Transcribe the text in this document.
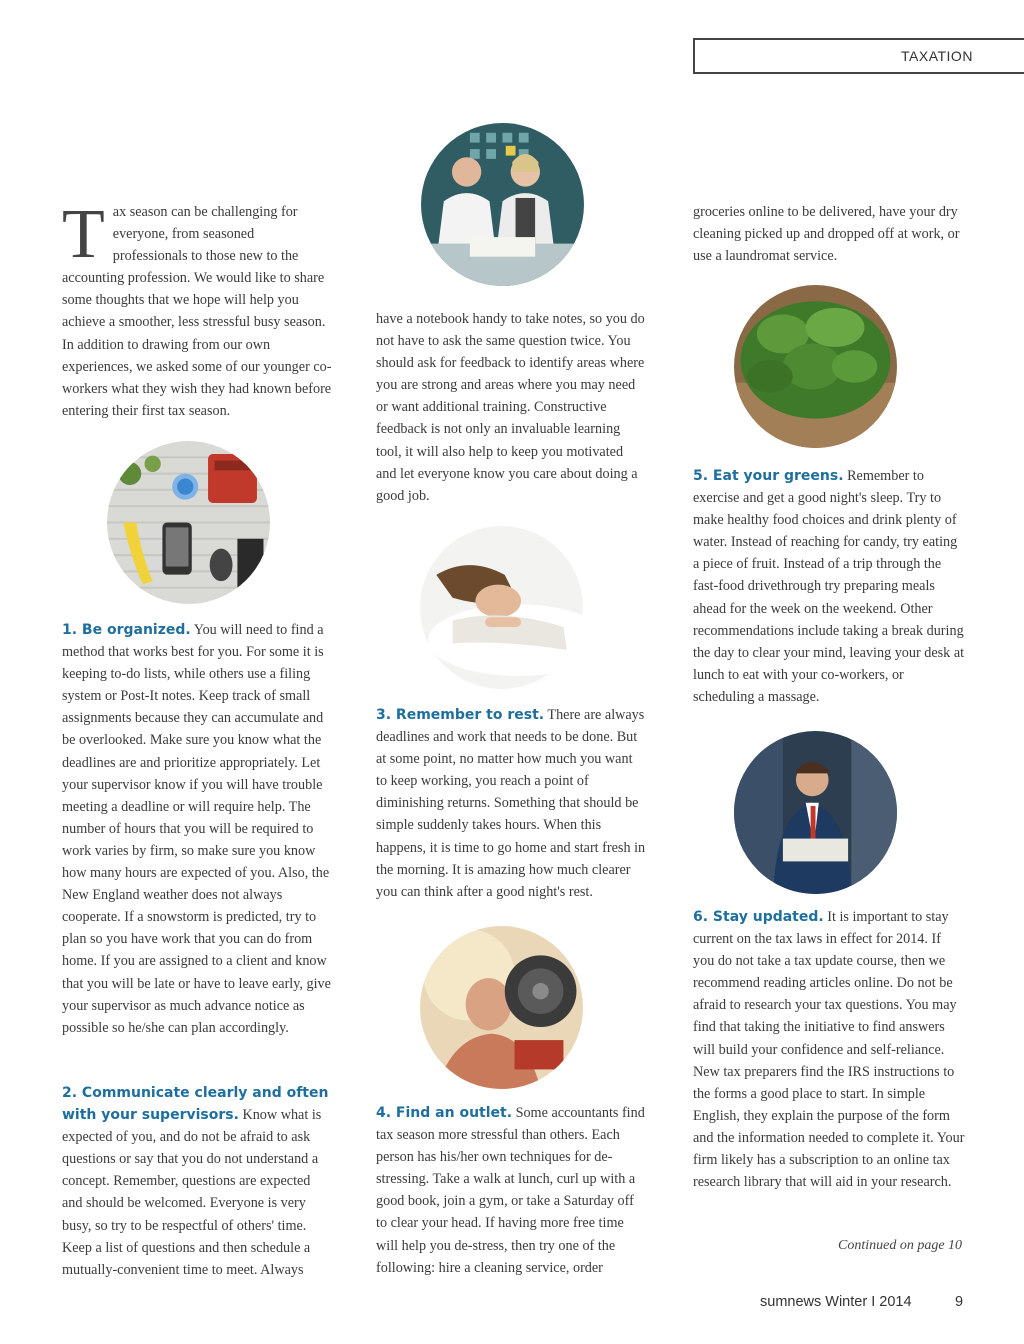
TAXATION

Tax season can be challenging for everyone, from seasoned professionals to those new to the accounting profession. We would like to share some thoughts that we hope will help you achieve a smoother, less stressful busy season. In addition to drawing from our own experiences, we asked some of our younger co-workers what they wish they had known before entering their first tax season.

1. Be organized. You will need to find a method that works best for you. For some it is keeping to-do lists, while others use a filing system or Post-It notes. Keep track of small assignments because they can accumulate and be overlooked. Make sure you know what the deadlines are and prioritize appropriately. Let your supervisor know if you will have trouble meeting a deadline or will require help. The number of hours that you will be required to work varies by firm, so make sure you know how many hours are expected of you. Also, the New England weather does not always cooperate. If a snowstorm is predicted, try to plan so you have work that you can do from home. If you are assigned to a client and know that you will be late or have to leave early, give your supervisor as much advance notice as possible so he/she can plan accordingly.

2. Communicate clearly and often with your supervisors. Know what is expected of you, and do not be afraid to ask questions or say that you do not understand a concept. Remember, questions are expected and should be welcomed. Everyone is very busy, so try to be respectful of others' time. Keep a list of questions and then schedule a mutually-convenient time to meet. Always

have a notebook handy to take notes, so you do not have to ask the same question twice. You should ask for feedback to identify areas where you are strong and areas where you may need or want additional training. Constructive feedback is not only an invaluable learning tool, it will also help to keep you motivated and let everyone know you care about doing a good job.

3. Remember to rest. There are always deadlines and work that needs to be done. But at some point, no matter how much you want to keep working, you reach a point of diminishing returns. Something that should be simple suddenly takes hours. When this happens, it is time to go home and start fresh in the morning. It is amazing how much clearer you can think after a good night's rest.

4. Find an outlet. Some accountants find tax season more stressful than others. Each person has his/her own techniques for de-stressing. Take a walk at lunch, curl up with a good book, join a gym, or take a Saturday off to clear your head. If having more free time will help you de-stress, then try one of the following: hire a cleaning service, order

groceries online to be delivered, have your dry cleaning picked up and dropped off at work, or use a laundromat service.

5. Eat your greens. Remember to exercise and get a good night's sleep. Try to make healthy food choices and drink plenty of water. Instead of reaching for candy, try eating a piece of fruit. Instead of a trip through the fast-food drivethrough try preparing meals ahead for the week on the weekend. Other recommendations include taking a break during the day to clear your mind, leaving your desk at lunch to eat with your co-workers, or scheduling a massage.

6. Stay updated. It is important to stay current on the tax laws in effect for 2014. If you do not take a tax update course, then we recommend reading articles online. Do not be afraid to research your tax questions. You may find that taking the initiative to find answers will build your confidence and self-reliance. New tax preparers find the IRS instructions to the forms a good place to start. In simple English, they explain the purpose of the form and the information needed to complete it. Your firm likely has a subscription to an online tax research library that will aid in your research.

Continued on page 10
sumnews Winter I 2014	9
